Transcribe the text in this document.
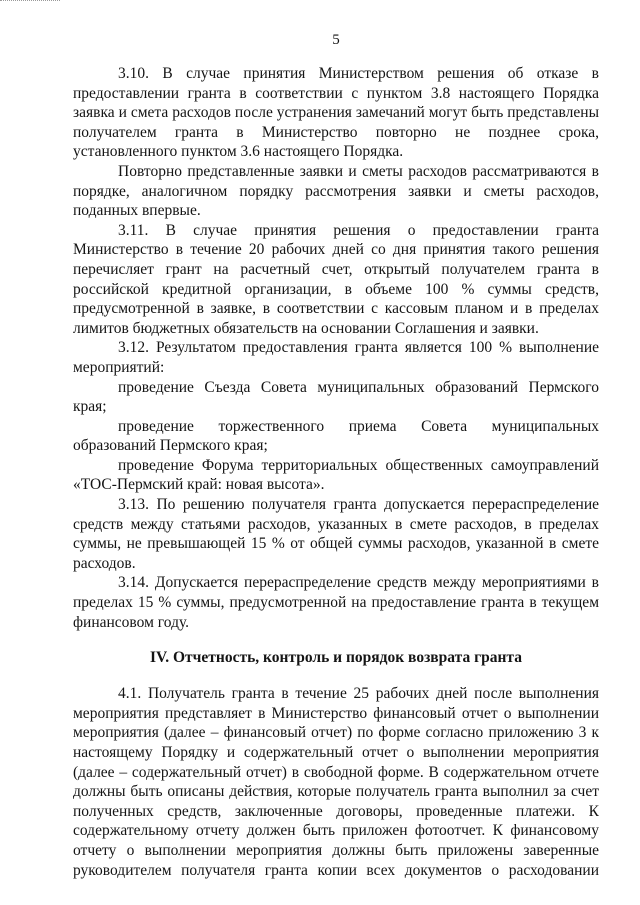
5

3.10. В случае принятия Министерством решения об отказе в предоставлении гранта в соответствии с пунктом 3.8 настоящего Порядка заявка и смета расходов после устранения замечаний могут быть представлены получателем гранта в Министерство повторно не позднее срока, установленного пунктом 3.6 настоящего Порядка.

Повторно представленные заявки и сметы расходов рассматриваются в порядке, аналогичном порядку рассмотрения заявки и сметы расходов, поданных впервые.

3.11. В случае принятия решения о предоставлении гранта Министерство в течение 20 рабочих дней со дня принятия такого решения перечисляет грант на расчетный счет, открытый получателем гранта в российской кредитной организации, в объеме 100 % суммы средств, предусмотренной в заявке, в соответствии с кассовым планом и в пределах лимитов бюджетных обязательств на основании Соглашения и заявки.

3.12. Результатом предоставления гранта является 100 % выполнение мероприятий:

проведение Съезда Совета муниципальных образований Пермского края;

проведение торжественного приема Совета муниципальных образований Пермского края;

проведение Форума территориальных общественных самоуправлений «ТОС-Пермский край: новая высота».

3.13. По решению получателя гранта допускается перераспределение средств между статьями расходов, указанных в смете расходов, в пределах суммы, не превышающей 15 % от общей суммы расходов, указанной в смете расходов.

3.14. Допускается перераспределение средств между мероприятиями в пределах 15 % суммы, предусмотренной на предоставление гранта в текущем финансовом году.

IV. Отчетность, контроль и порядок возврата гранта

4.1. Получатель гранта в течение 25 рабочих дней после выполнения мероприятия представляет в Министерство финансовый отчет о выполнении мероприятия (далее – финансовый отчет) по форме согласно приложению 3 к настоящему Порядку и содержательный отчет о выполнении мероприятия (далее – содержательный отчет) в свободной форме. В содержательном отчете должны быть описаны действия, которые получатель гранта выполнил за счет полученных средств, заключенные договоры, проведенные платежи. К содержательному отчету должен быть приложен фотоотчет. К финансовому отчету о выполнении мероприятия должны быть приложены заверенные руководителем получателя гранта копии всех документов о расходовании
